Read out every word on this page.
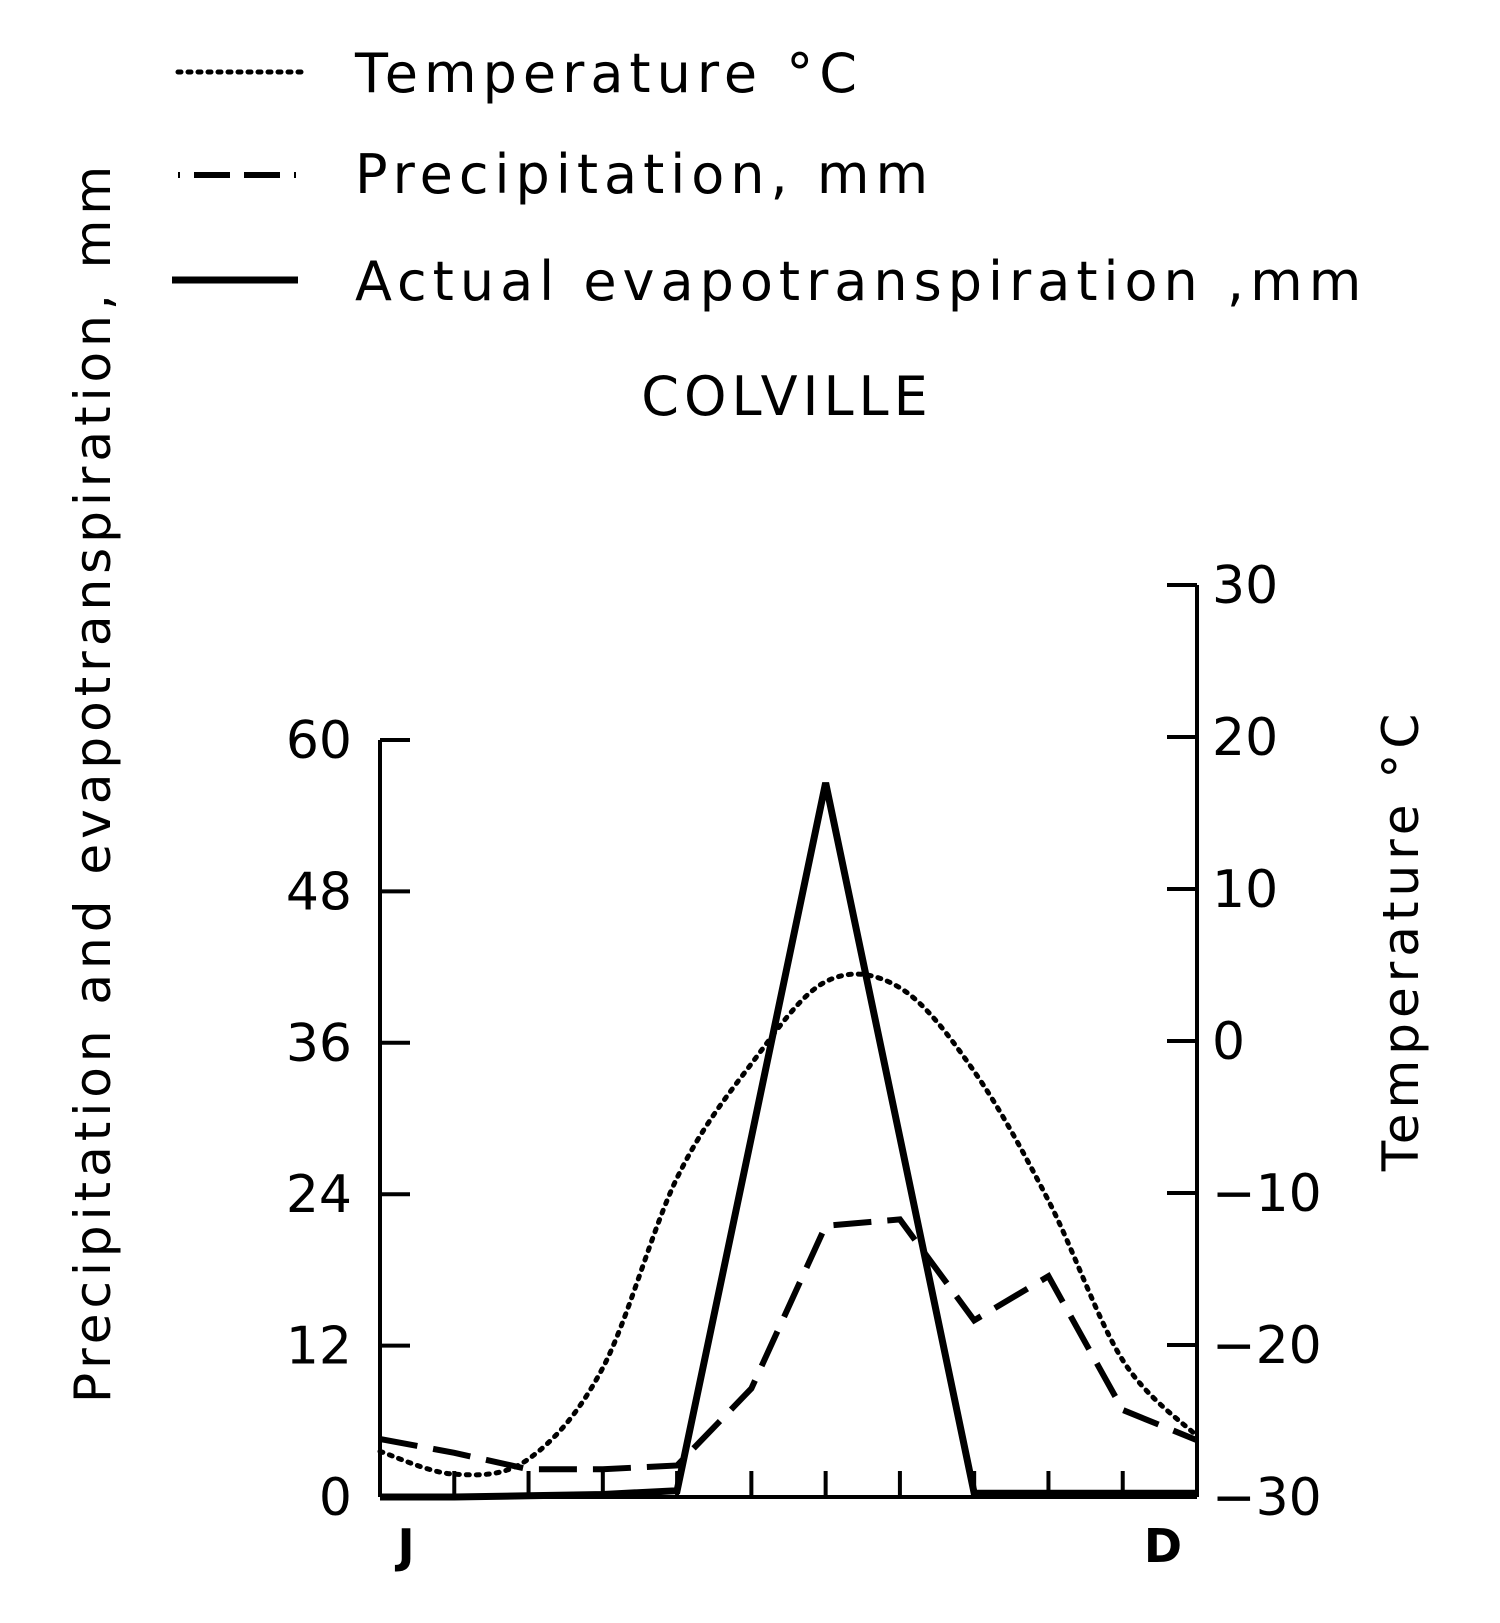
Temperature °C
Precipitation, mm
Actual evapotranspiration ,mm
COLVILLE
Precipitation and evapotranspiration, mm	Temperature °C
0
12
24
36
48
60
30
20
10
0
−10
−20
−30
J	D
